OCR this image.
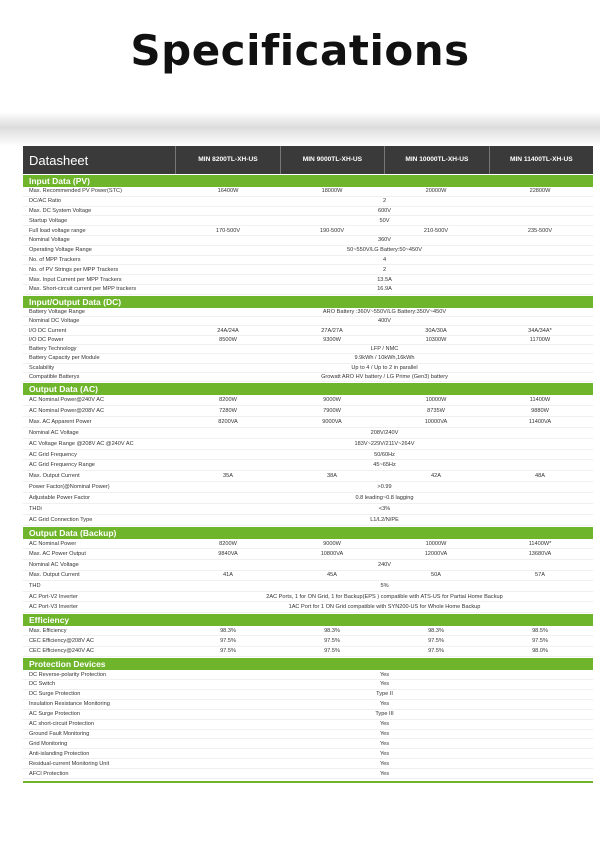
Specifications
Datasheet	MIN 8200TL-XH-US	MIN 9000TL-XH-US	MIN 10000TL-XH-US	MIN 11400TL-XH-US
Input Data (PV)
Max. Recommended PV Power(STC)	16400W	18000W	20000W	22800W
DC/AC Ratio	2
Max. DC System Voltage	600V
Startup Voltage	50V
Full load voltage range	170-500V	190-500V	210-500V	235-500V
Nominal Voltage	360V
Operating Voltage Range	50~550V/LG Battery:50~450V
No. of MPP Trackers	4
No. of PV Strings per MPP Trackers	2
Max. Input Current per MPP Trackers	13.5A
Max. Short-circuit current per MPP trackers	16.9A
Input/Output Data (DC)
Battery Voltage Range	ARO Battery :360V~550V/LG Battery:350V~450V
Nominal DC Voltage	400V
I/O DC Current	24A/24A	27A/27A	30A/30A	34A/34A*
I/O DC Power	8500W	9300W	10300W	11700W
Battery Technology	LFP / NMC
Battery Capacity per Module	9.9kWh / 10kWh,16kWh
Scalability	Up to 4 / Up to 2 in parallel
Compatible Batterys	Growatt ARO HV battery / LG Prime (Gen3) battery
Output Data (AC)
AC Nominal Power@240V AC	8200W	9000W	10000W	11400W
AC Nominal Power@208V AC	7280W	7900W	8735W	9880W
Max. AC Apparent Power	8200VA	9000VA	10000VA	11400VA
Nominal AC Voltage	208V/240V
AC Voltage Range @208V AC @240V AC	183V~229V/211V~264V
AC Grid Frequency	50/60Hz
AC Grid Frequency Range	45~65Hz
Max. Output Current	35A	38A	42A	48A
Power Factor(@Nominal Power)	>0.99
Adjustable Power Factor	0.8 leading~0.8 lagging
THDi	<3%
AC Grid Connection Type	L1/L2/N/PE
Output Data (Backup)
AC Nominal Power	8200W	9000W	10000W	11400W*
Max. AC Power Output	9840VA	10800VA	12000VA	13680VA
Nominal AC Voltage	240V
Max. Output Current	41A	45A	50A	57A
THD	5%
AC Port-V2 Inverter	2AC Ports, 1 for ON Grid, 1 for Backup(EPS ) compatible with ATS-US for Partial Home Backup
AC Port-V3 Inverter	1AC Port for 1 ON Grid compatible with SYN200-US for Whole Home Backup
Efficiency
Max. Efficiency	98.3%	98.3%	98.3%	98.5%
CEC Efficiency@208V AC	97.5%	97.5%	97.5%	97.5%
CEC Efficiency@240V AC	97.5%	97.5%	97.5%	98.0%
Protection Devices
DC Reverse-polarity Protection	Yes
DC Switch	Yes
DC Surge Protection	Type II
Insulation Resistance Monitoring	Yes
AC Surge Protection	Type III
AC short-circuit Protection	Yes
Ground Fault Monitoring	Yes
Grid Monitoring	Yes
Anti-islanding Protection	Yes
Residual-current Monitoring Unit	Yes
AFCI Protection	Yes
